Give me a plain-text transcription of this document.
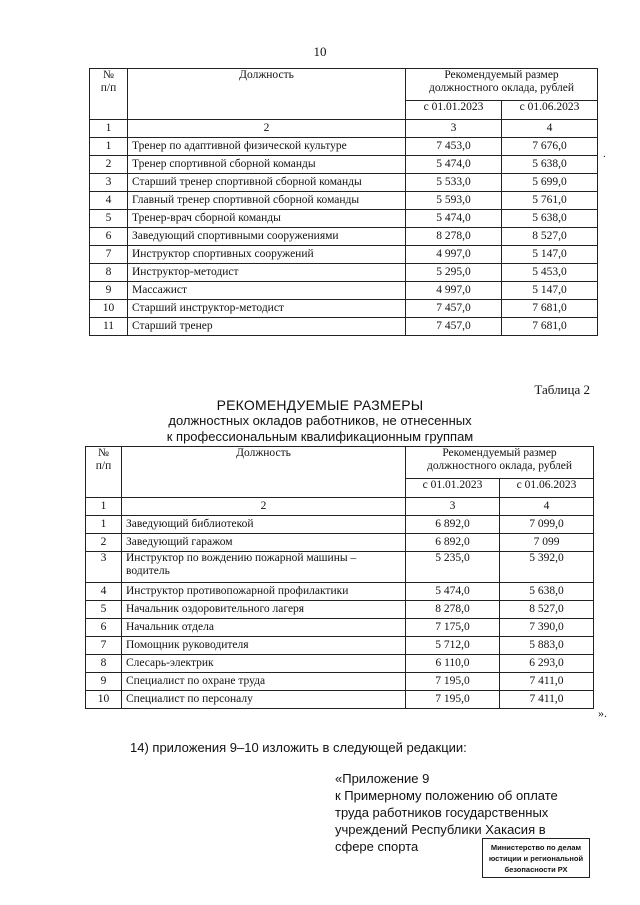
10
.
№
п/п	Должность	Рекомендуемый размер
должностного оклада, рублей	
		с 01.01.2023	с 01.06.2023
1	2	3	4
1	Тренер по адаптивной физической культуре	7 453,0	7 676,0
2	Тренер спортивной сборной команды	5 474,0	5 638,0
3	Старший тренер спортивной сборной команды	5 533,0	5 699,0
4	Главный тренер спортивной сборной команды	5 593,0	5 761,0
5	Тренер-врач сборной команды	5 474,0	5 638,0
6	Заведующий спортивными сооружениями	8 278,0	8 527,0
7	Инструктор спортивных сооружений	4 997,0	5 147,0
8	Инструктор-методист	5 295,0	5 453,0
9	Массажист	4 997,0	5 147,0
10	Старший инструктор-методист	7 457,0	7 681,0
11	Старший тренер	7 457,0	7 681,0
Таблица 2
РЕКОМЕНДУЕМЫЕ РАЗМЕРЫ
должностных окладов работников, не отнесенных
к профессиональным квалификационным группам
№
п/п	Должность	Рекомендуемый размер
должностного оклада, рублей	
		с 01.01.2023	с 01.06.2023
1	2	3	4
1	Заведующий библиотекой	6 892,0	7 099,0
2	Заведующий гаражом	6 892,0	7 099
3	Инструктор по вождению пожарной машины – водитель	5 235,0	5 392,0
4	Инструктор противопожарной профилактики	5 474,0	5 638,0
5	Начальник оздоровительного лагеря	8 278,0	8 527,0
6	Начальник отдела	7 175,0	7 390,0
7	Помощник руководителя	5 712,0	5 883,0
8	Слесарь-электрик	6 110,0	6 293,0
9	Специалист по охране труда	7 195,0	7 411,0
10	Специалист по персоналу	7 195,0	7 411,0
».
14) приложения 9–10 изложить в следующей редакции:
«Приложение 9
к Примерному положению об оплате
труда работников государственных
учреждений Республики Хакасия в
сфере спорта	Министерство по делам
юстиции и региональной
безопасности РХ
